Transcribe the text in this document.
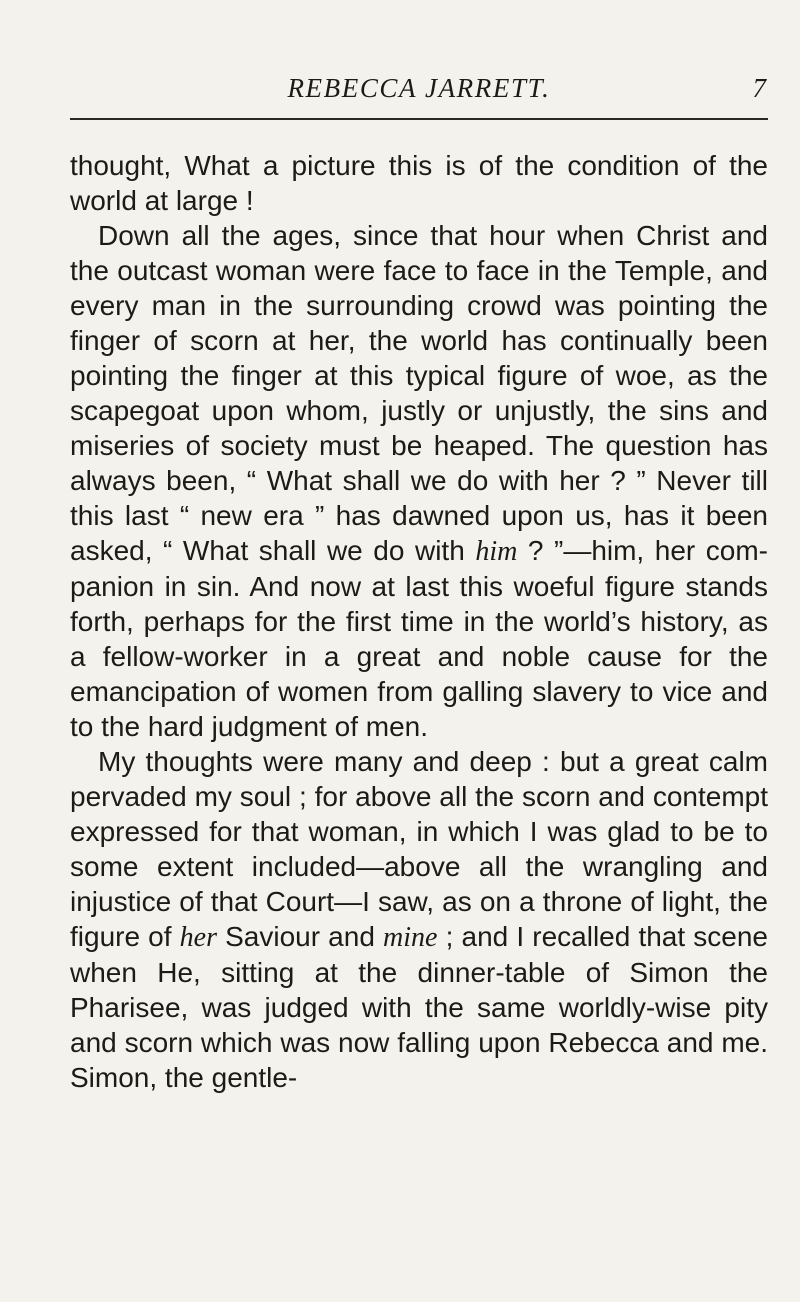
REBECCA JARRETT.	7

thought, What a picture this is of the condition of the world at large !

Down all the ages, since that hour when Christ and the outcast woman were face to face in the Temple, and every man in the surrounding crowd was pointing the finger of scorn at her, the world has continually been pointing the finger at this typical figure of woe, as the scapegoat upon whom, justly or unjustly, the sins and miseries of society must be heaped. The question has always been, “ What shall we do with her ? ” Never till this last “ new era ” has dawned upon us, has it been asked, “ What shall we do with him ? ”—him, her com-panion in sin. And now at last this woeful figure stands forth, perhaps for the first time in the world’s history, as a fellow-worker in a great and noble cause for the emancipation of women from galling slavery to vice and to the hard judgment of men.

My thoughts were many and deep : but a great calm pervaded my soul ; for above all the scorn and contempt expressed for that woman, in which I was glad to be to some extent included—above all the wrangling and injustice of that Court—I saw, as on a throne of light, the figure of her Saviour and mine ; and I recalled that scene when He, sitting at the dinner-table of Simon the Pharisee, was judged with the same worldly-wise pity and scorn which was now falling upon Rebecca and me. Simon, the gentle-
